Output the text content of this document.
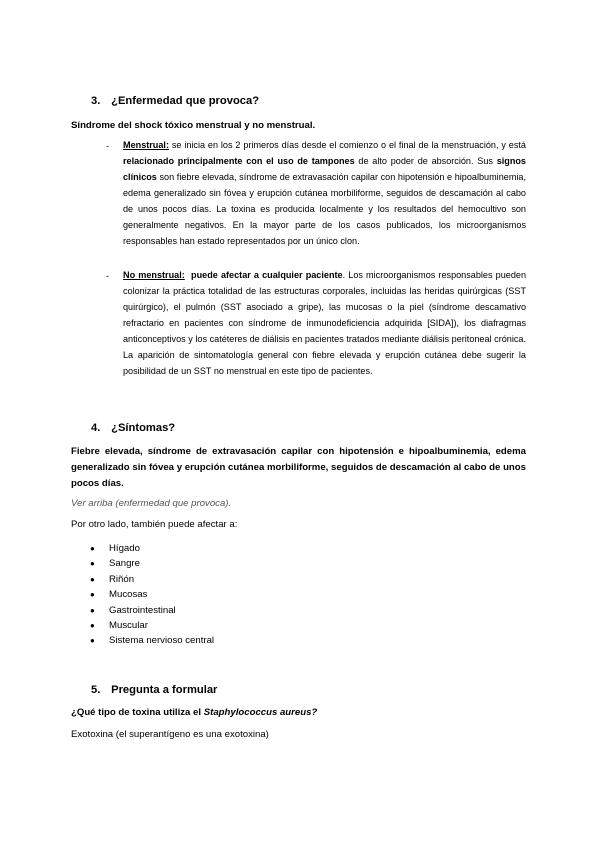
3. ¿Enfermedad que provoca?
Síndrome del shock tóxico menstrual y no menstrual.
- Menstrual: se inicia en los 2 primeros días desde el comienzo o el final de la menstruación, y está relacionado principalmente con el uso de tampones de alto poder de absorción. Sus signos clínicos son fiebre elevada, síndrome de extravasación capilar con hipotensión e hipoalbuminemia, edema generalizado sin fóvea y erupción cutánea morbiliforme, seguidos de descamación al cabo de unos pocos días. La toxina es producida localmente y los resultados del hemocultivo son generalmente negativos. En la mayor parte de los casos publicados, los microorganismos responsables han estado representados por un único clon.
- No menstrual:  puede afectar a cualquier paciente. Los microorganismos responsables pueden colonizar la práctica totalidad de las estructuras corporales, incluidas las heridas quirúrgicas (SST quirúrgico), el pulmón (SST asociado a gripe), las mucosas o la piel (síndrome descamativo refractario en pacientes con síndrome de inmunodeficiencia adquirida [SIDA]), los diafragmas anticonceptivos y los catéteres de diálisis en pacientes tratados mediante diálisis peritoneal crónica. La aparición de sintomatología general con fiebre elevada y erupción cutánea debe sugerir la posibilidad de un SST no menstrual en este tipo de pacientes.
4. ¿Síntomas?
Fiebre elevada, síndrome de extravasación capilar con hipotensión e hipoalbuminemia, edema generalizado sin fóvea y erupción cutánea morbiliforme, seguidos de descamación al cabo de unos pocos días.
Ver arriba (enfermedad que provoca).
Por otro lado, también puede afectar a:
● Hígado
● Sangre
● Riñón
● Mucosas
● Gastrointestinal
● Muscular
● Sistema nervioso central
5. Pregunta a formular
¿Qué tipo de toxina utiliza el Staphylococcus aureus?
Exotoxina (el superantígeno es una exotoxina)
